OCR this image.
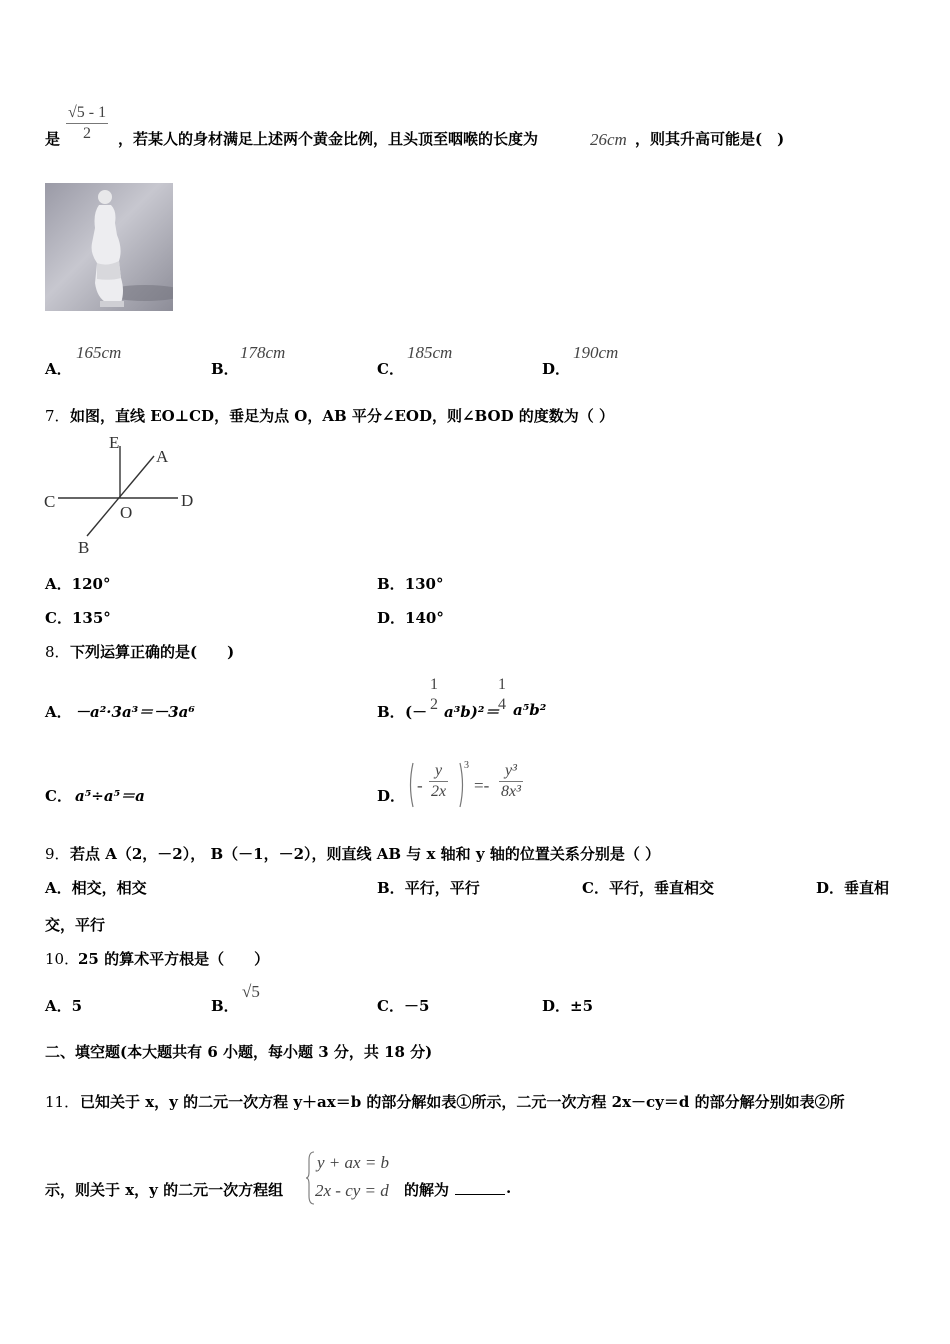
是 $\frac{√5 - 1}{2}$ ，若某人的身材满足上述两个黄金比例，且头顶至咽喉的长度为	26cm ，则其升高可能是(　)
A．
165cm
B．
178cm
C．
185cm
D．
190cm
7． 如图，直线 EO⊥CD，垂足为点 O，AB 平分∠EOD，则∠BOD 的度数为（ ）
E
A
C
O
D
B
A．120°	B．130°
C．135°	D．140°
8． 下列运算正确的是(　　)
A． －a²·3a³＝－3a⁶	B． (－
1
2 a³b)²＝
1
4 a⁵b²
C． a⁵÷a⁵＝a	D．
- $\frac{y}{2x} 3$
=- $\frac{\text{y³}}{\text{8x³}}$
9． 若点 A（2，－2）， B（－1，－2），则直线 AB 与 x 轴和 y 轴的位置关系分别是（ ）
A．相交，相交	B．平行，平行	C．平行，垂直相交	D．垂直相
交，平行
10．
25 的算术平方根是（　　）
A．5	B．
√5
C．－5	D．±5
二、填空题(本大题共有 6 小题，每小题 3 分，共 18 分)
11． 已知关于 x，y 的二元一次方程 y＋ax＝b 的部分解如表①所示，二元一次方程 2x－cy＝d 的部分解分别如表②所
示，则关于 x，y 的二元一次方程组
y + ax = b
2x - cy = d 的解为	.
